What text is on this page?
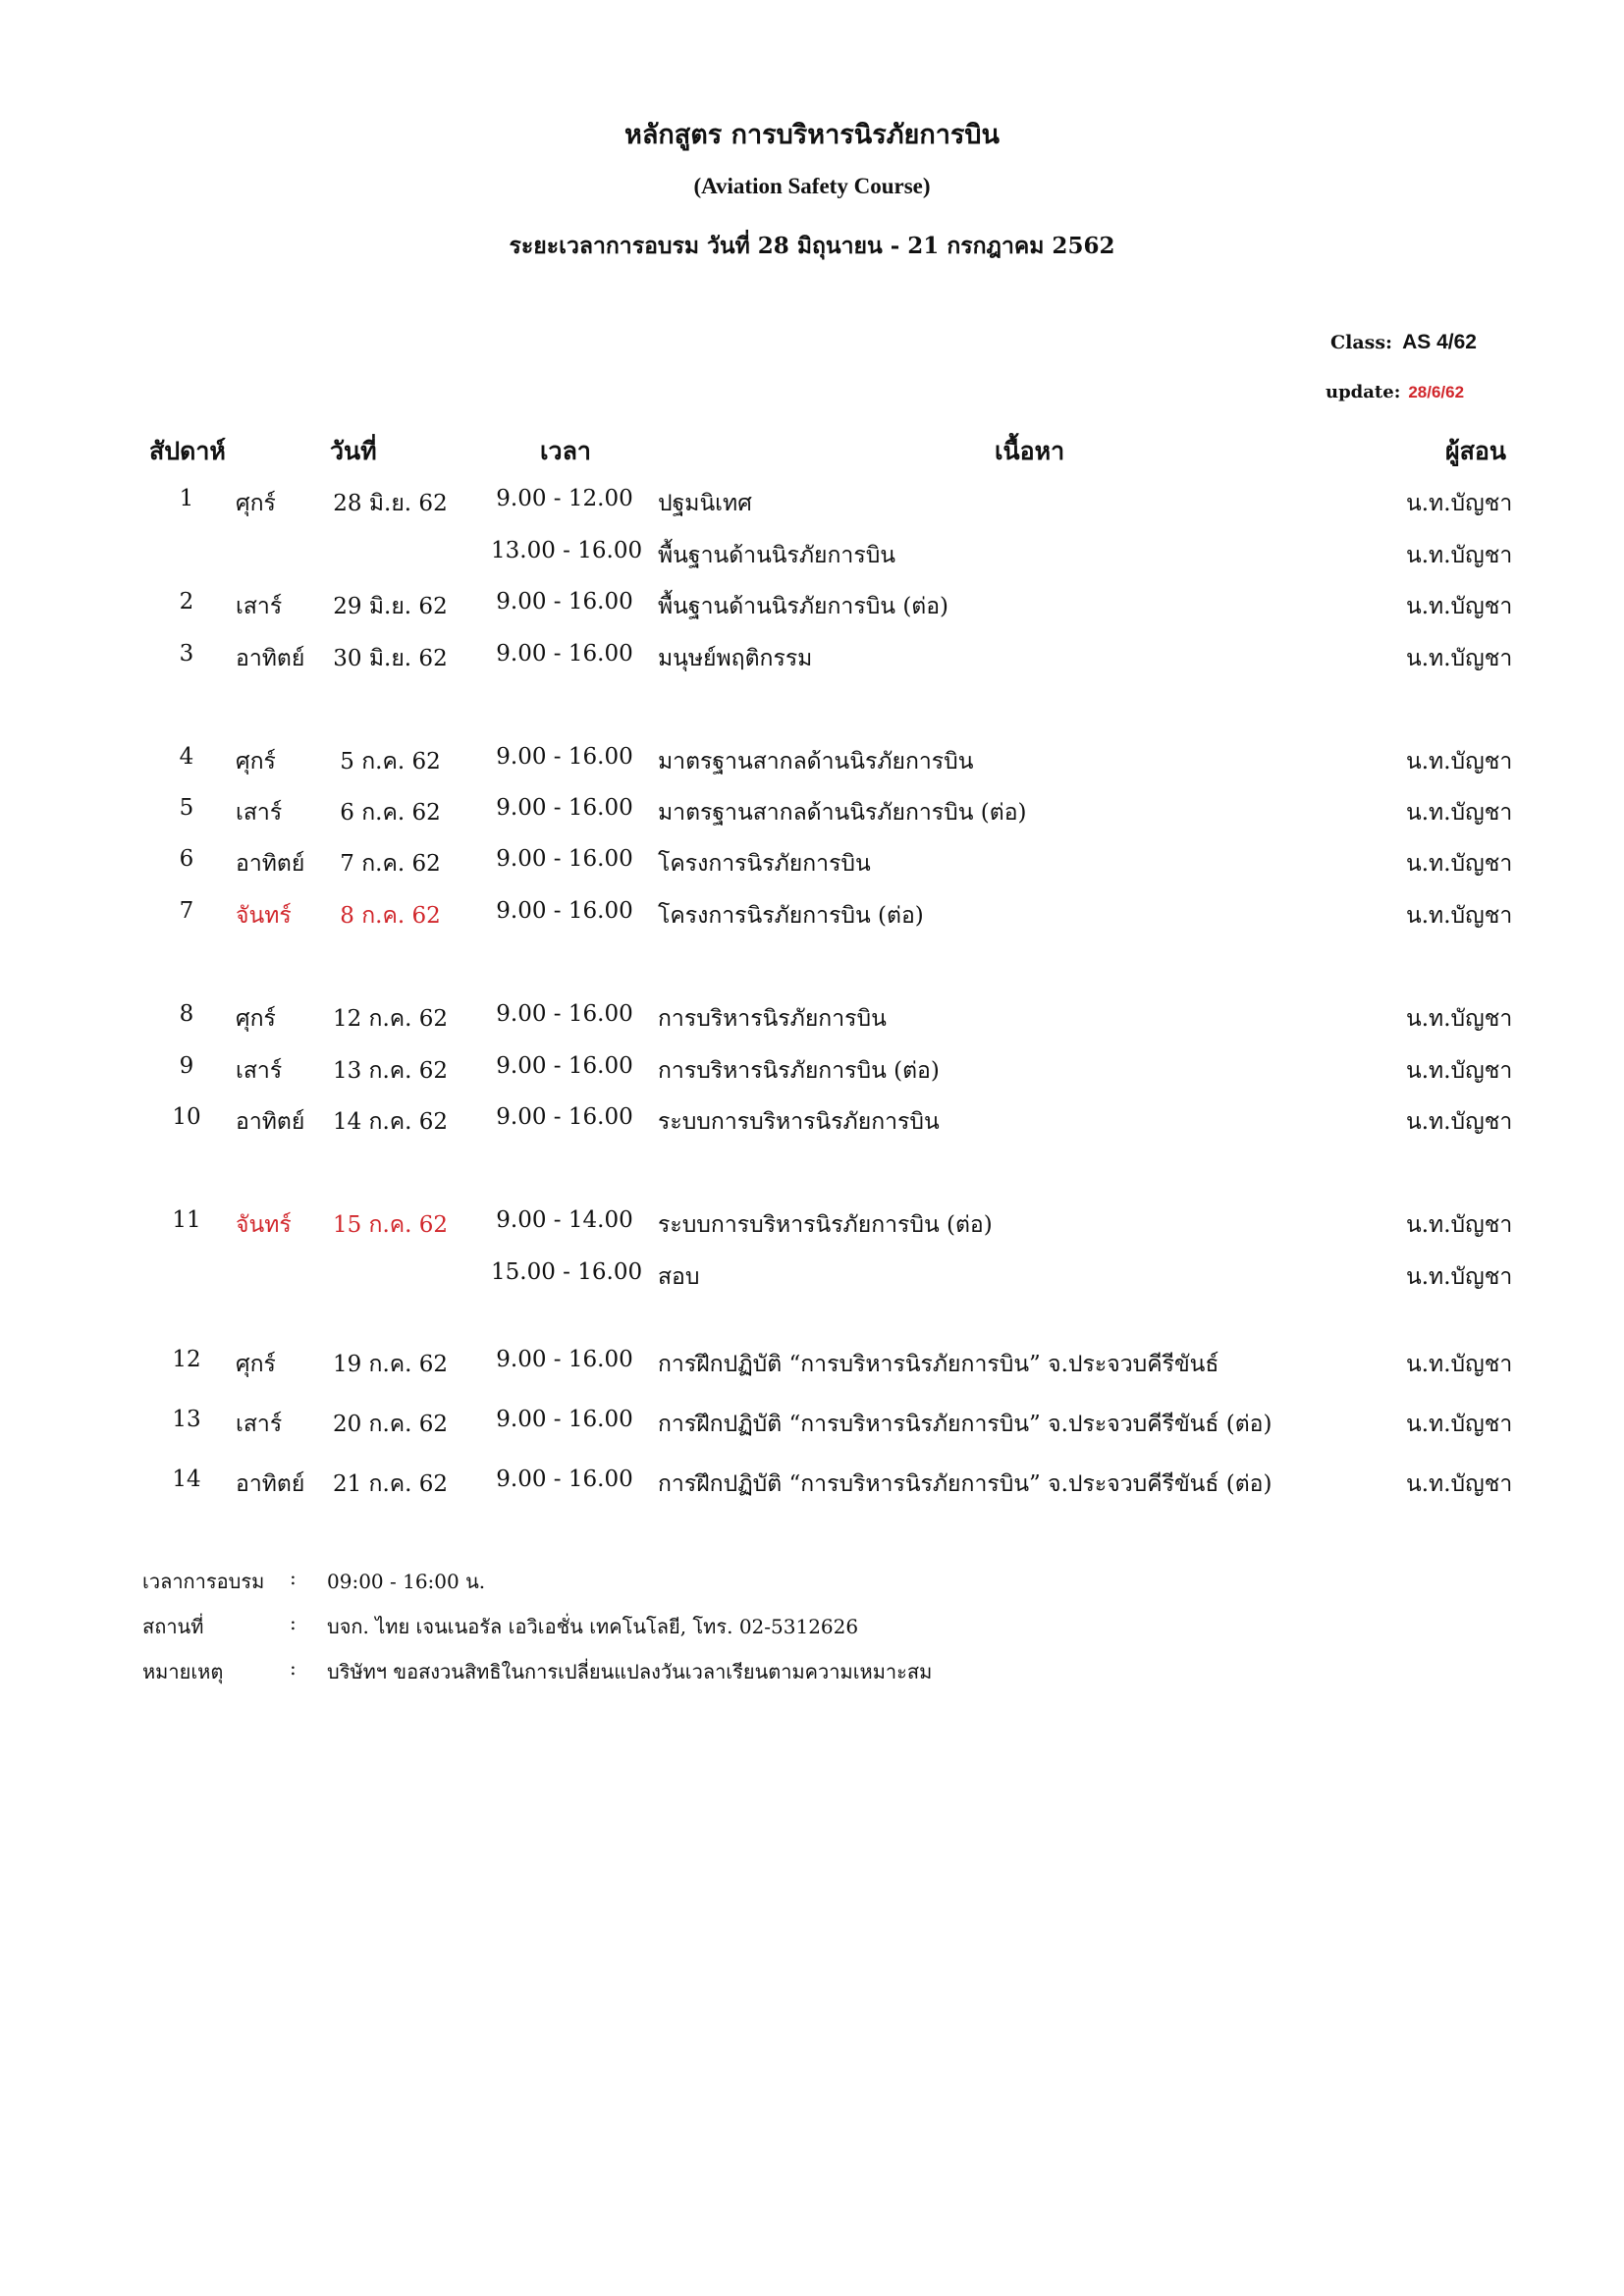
หลักสูตร การบริหารนิรภัยการบิน
(Aviation Safety Course)
ระยะเวลาการอบรม วันที่ 28 มิถุนายน - 21 กรกฎาคม 2562
Class: AS 4/62
update: 28/6/62
สัปดาห์	วันที่	เวลา	เนื้อหา	ผู้สอน
1	ศุกร์	28 มิ.ย. 62	9.00 - 12.00 ปฐมนิเทศ	น.ท.บัญชา
13.00 - 16.00 พื้นฐานด้านนิรภัยการบิน	น.ท.บัญชา
2	เสาร์	29 มิ.ย. 62	9.00 - 16.00 พื้นฐานด้านนิรภัยการบิน (ต่อ)	น.ท.บัญชา
3	อาทิตย์	30 มิ.ย. 62	9.00 - 16.00 มนุษย์พฤติกรรม	น.ท.บัญชา
4	ศุกร์	5 ก.ค. 62	9.00 - 16.00 มาตรฐานสากลด้านนิรภัยการบิน	น.ท.บัญชา
5	เสาร์	6 ก.ค. 62	9.00 - 16.00 มาตรฐานสากลด้านนิรภัยการบิน (ต่อ)	น.ท.บัญชา
6	อาทิตย์	7 ก.ค. 62	9.00 - 16.00 โครงการนิรภัยการบิน	น.ท.บัญชา
7	จันทร์	8 ก.ค. 62	9.00 - 16.00 โครงการนิรภัยการบิน (ต่อ)	น.ท.บัญชา
8	ศุกร์	12 ก.ค. 62	9.00 - 16.00 การบริหารนิรภัยการบิน	น.ท.บัญชา
9	เสาร์	13 ก.ค. 62	9.00 - 16.00 การบริหารนิรภัยการบิน (ต่อ)	น.ท.บัญชา
10	อาทิตย์	14 ก.ค. 62	9.00 - 16.00 ระบบการบริหารนิรภัยการบิน	น.ท.บัญชา
11	จันทร์	15 ก.ค. 62	9.00 - 14.00 ระบบการบริหารนิรภัยการบิน (ต่อ)	น.ท.บัญชา
15.00 - 16.00 สอบ	น.ท.บัญชา
12	ศุกร์	19 ก.ค. 62	9.00 - 16.00 การฝึกปฏิบัติ “การบริหารนิรภัยการบิน” จ.ประจวบคีรีขันธ์	น.ท.บัญชา
13	เสาร์	20 ก.ค. 62	9.00 - 16.00 การฝึกปฏิบัติ “การบริหารนิรภัยการบิน” จ.ประจวบคีรีขันธ์ (ต่อ)	น.ท.บัญชา
14	อาทิตย์	21 ก.ค. 62	9.00 - 16.00 การฝึกปฏิบัติ “การบริหารนิรภัยการบิน” จ.ประจวบคีรีขันธ์ (ต่อ)	น.ท.บัญชา
เวลาการอบรม : 09:00 - 16:00 น.
สถานที่	: บจก. ไทย เจนเนอรัล เอวิเอชั่น เทคโนโลยี, โทร. 02-5312626
หมายเหตุ	: บริษัทฯ ขอสงวนสิทธิในการเปลี่ยนแปลงวันเวลาเรียนตามความเหมาะสม
